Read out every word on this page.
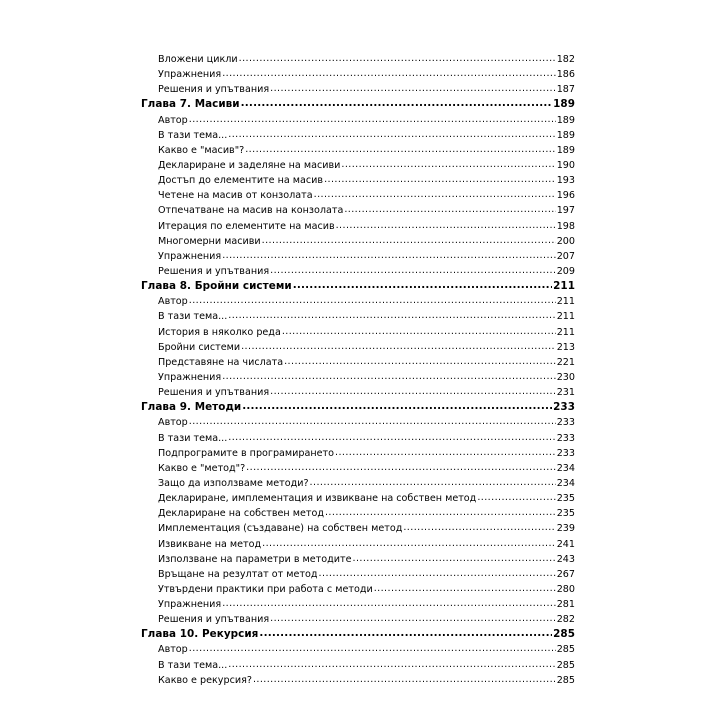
Вложени цикли .....	182
Упражнения .....	186
Решения и упътвания .....	187
Глава 7. Масиви .....	189
Автор .....	189
В тази тема... .....	189
Какво е "масив"? .....	189
Деклариране и заделяне на масиви .....	190
Достъп до елементите на масив .....	193
Четене на масив от конзолата .....	196
Отпечатване на масив на конзолата .....	197
Итерация по елементите на масив .....	198
Многомерни масиви .....	200
Упражнения .....	207
Решения и упътвания .....	209
Глава 8. Бройни системи .....	211
Автор .....	211
В тази тема... .....	211
История в няколко реда .....	211
Бройни системи .....	213
Представяне на числата .....	221
Упражнения .....	230
Решения и упътвания .....	231
Глава 9. Методи .....	233
Автор .....	233
В тази тема... .....	233
Подпрограмите в програмирането .....	233
Какво е "метод"? .....	234
Защо да използваме методи? .....	234
Деклариране, имплементация и извикване на собствен метод .....	235
Деклариране на собствен метод .....	235
Имплементация (създаване) на собствен метод .....	239
Извикване на метод .....	241
Използване на параметри в методите .....	243
Връщане на резултат от метод .....	267
Утвърдени практики при работа с методи .....	280
Упражнения .....	281
Решения и упътвания .....	282
Глава 10. Рекурсия .....	285
Автор .....	285
В тази тема... .....	285
Какво е рекурсия? .....	285
